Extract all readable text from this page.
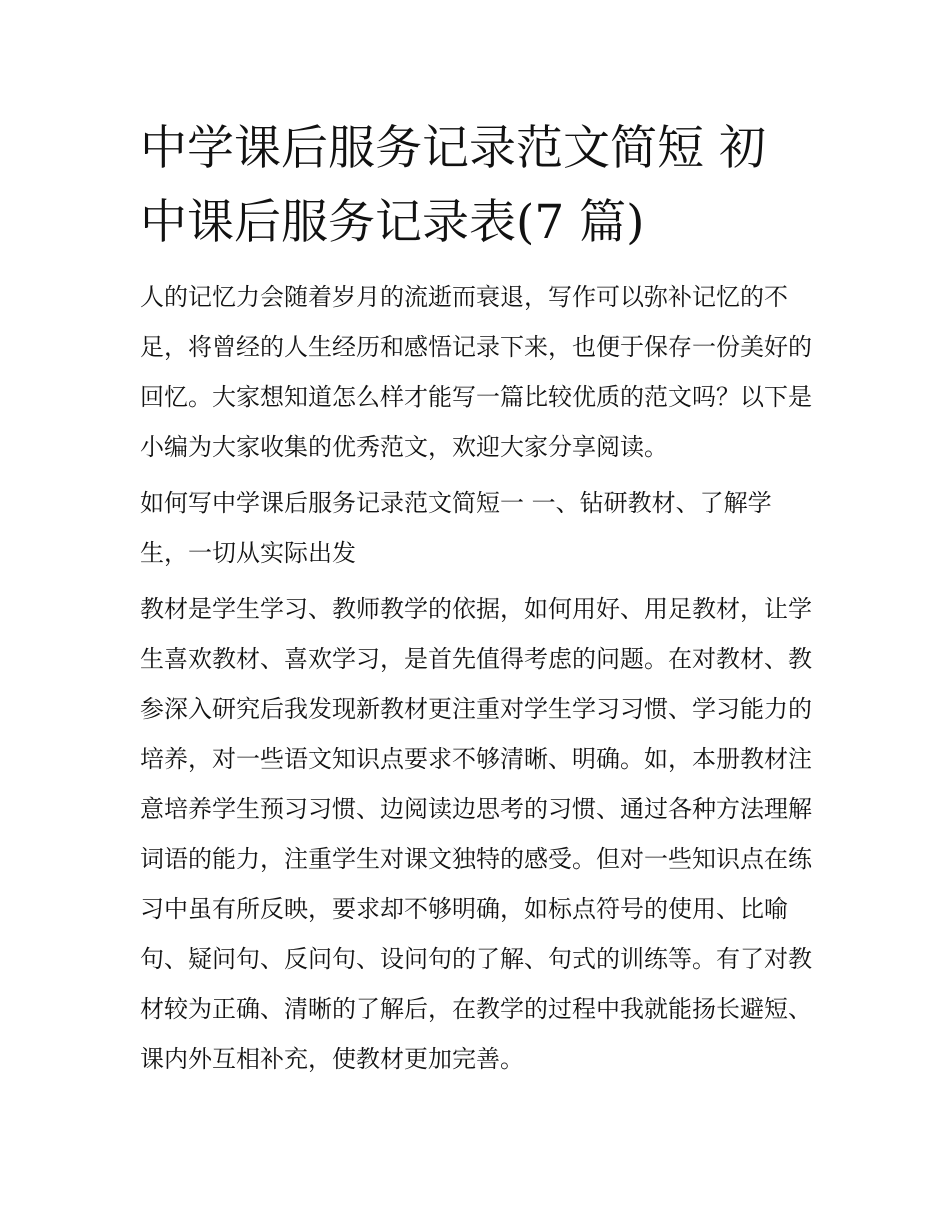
中学课后服务记录范文简短 初
中课后服务记录表(7 篇)

人的记忆力会随着岁月的流逝而衰退，写作可以弥补记忆的不足，将曾经的人生经历和感悟记录下来，也便于保存一份美好的回忆。大家想知道怎么样才能写一篇比较优质的范文吗？以下是小编为大家收集的优秀范文，欢迎大家分享阅读。

如何写中学课后服务记录范文简短一 一、钻研教材、了解学生，一切从实际出发

教材是学生学习、教师教学的依据，如何用好、用足教材，让学生喜欢教材、喜欢学习，是首先值得考虑的问题。在对教材、教参深入研究后我发现新教材更注重对学生学习习惯、学习能力的培养，对一些语文知识点要求不够清晰、明确。如，本册教材注意培养学生预习习惯、边阅读边思考的习惯、通过各种方法理解词语的能力，注重学生对课文独特的感受。但对一些知识点在练习中虽有所反映，要求却不够明确，如标点符号的使用、比喻句、疑问句、反问句、设问句的了解、句式的训练等。有了对教材较为正确、清晰的了解后，在教学的过程中我就能扬长避短、课内外互相补充，使教材更加完善。
